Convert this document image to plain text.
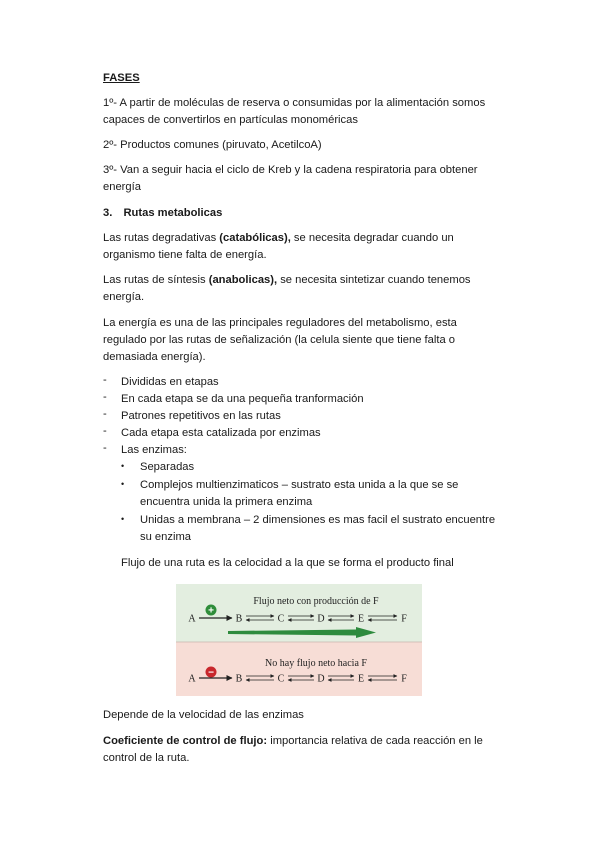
FASES
1º- A partir de moléculas de reserva o consumidas por la alimentación somos
capaces de convertirlos en partículas monoméricas
2º- Productos comunes (piruvato, AcetilcoA)
3º- Van a seguir hacia el ciclo de Kreb y la cadena respiratoria para obtener
energía
3. Rutas metabolicas
Las rutas degradativas (catabólicas), se necesita degradar cuando un
organismo tiene falta de energía.
Las rutas de síntesis (anabolicas), se necesita sintetizar cuando tenemos
energía.
La energía es una de las principales reguladores del metabolismo, esta
regulado por las rutas de señalización (la celula siente que tiene falta o
demasiada energía).
- Divididas en etapas
- En cada etapa se da una pequeña tranformación
- Patrones repetitivos en las rutas
- Cada etapa esta catalizada por enzimas
- Las enzimas:
• Separadas
• Complejos multienzimaticos – sustrato esta unida a la que se se
encuentra unida la primera enzima
• Unidas a membrana – 2 dimensiones es mas facil el sustrato encuentre
su enzima
Flujo de una ruta es la celocidad a la que se forma el producto final
Flujo neto con producción de F
+
A	B	C	D	E	F
No hay flujo neto hacia F
−
A	B	C	D	E	F
Depende de la velocidad de las enzimas
Coeficiente de control de flujo: importancia relativa de cada reacción en le
control de la ruta.
